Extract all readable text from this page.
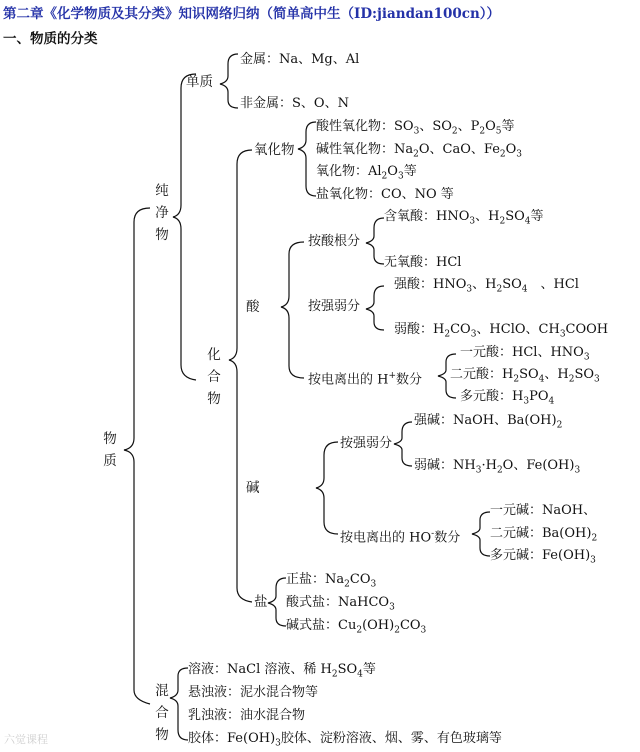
第二章《化学物质及其分类》知识网络归纳（简单高中生（ID:jiandan100cn））
一、物质的分类
物质
纯净物
混合物
单质
化合物
金属：Na、Mg、Al
非金属：S、O、N
氧化物
酸性氧化物：$SO_3$、$SO_2$、$P_2O_5$等
碱性氧化物：$Na_2O$、CaO、$Fe_2O_3$
氧化物：$Al_2O_3$等
盐氧化物：CO、NO 等
酸
按酸根分
含氧酸：$HNO_3$、$H_2SO_4$等
无氧酸：HCl
按强弱分
强酸：$HNO_3$、$H_2SO_4$　、HCl
弱酸：$H_2CO_3$、HClO、$CH_3COOH$
按电离出的 H+数分
一元酸：HCl、$HNO_3$
二元酸：$H_2SO_4$、$H_2SO_3$
多元酸：$H_3PO_4$
碱
按强弱分
强碱：NaOH、$Ba(OH)_2$
弱碱：$NH_3\cdot H_2O$、$Fe(OH)_3$
按电离出的 HO-数分
一元碱：NaOH、
二元碱：$Ba(OH)_2$
多元碱：$Fe(OH)_3$
盐
正盐：$Na_2CO_3$
酸式盐：NaHCO$_3$
碱式盐：$Cu_2(OH)_2CO_3$
溶液：NaCl 溶液、稀 $H_2SO_4$等
悬浊液：泥水混合物等
乳浊液：油水混合物
胶体：$Fe(OH)_3$胶体、淀粉溶液、烟、雾、有色玻璃等
六觉课程
